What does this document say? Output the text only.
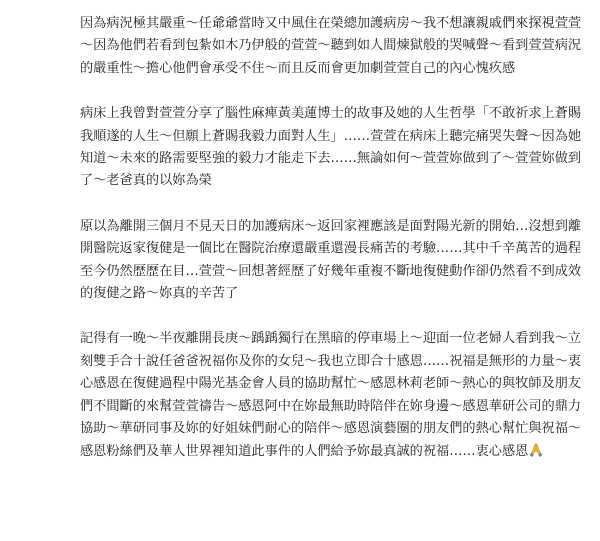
因為病況極其嚴重～任爺爺當時又中風住在榮總加護病房～我不想讓親戚們來探視萱萱～因為他們若看到包紮如木乃伊般的萱萱～聽到如人間煉獄般的哭喊聲～看到萱萱病況的嚴重性～擔心他們會承受不住～而且反而會更加劇萱萱自己的內心愧疚感

病床上我曾對萱萱分享了腦性麻痺黃美蓮博士的故事及她的人生哲學「不敢祈求上蒼賜我順遂的人生～但願上蒼賜我毅力面對人生」……萱萱在病床上聽完痛哭失聲～因為她知道～未來的路需要堅強的毅力才能走下去……無論如何～萱萱妳做到了～萱萱妳做到了～老爸真的以妳為榮

原以為離開三個月不見天日的加護病床～返回家裡應該是面對陽光新的開始…沒想到離開醫院返家復健是一個比在醫院治療還嚴重還漫長痛苦的考驗……其中千辛萬苦的過程至今仍然歷歷在目…萱萱～回想著經歷了好幾年重複不斷地復健動作卻仍然看不到成效的復健之路～妳真的辛苦了

記得有一晚～半夜離開長庚～踽踽獨行在黑暗的停車場上～迎面一位老婦人看到我～立刻雙手合十說任爸爸祝福你及你的女兒～我也立即合十感恩……祝福是無形的力量～衷心感恩在復健過程中陽光基金會人員的協助幫忙～感恩林莉老師～熱心的與牧師及朋友們不間斷的來幫萱萱禱告～感恩阿中在妳最無助時陪伴在妳身邊～感恩華研公司的鼎力協助～華研同事及妳的好姐妹們耐心的陪伴～感恩演藝圈的朋友們的熱心幫忙與祝福～感恩粉絲們及華人世界裡知道此事件的人們給予妳最真誠的祝福……衷心感恩
